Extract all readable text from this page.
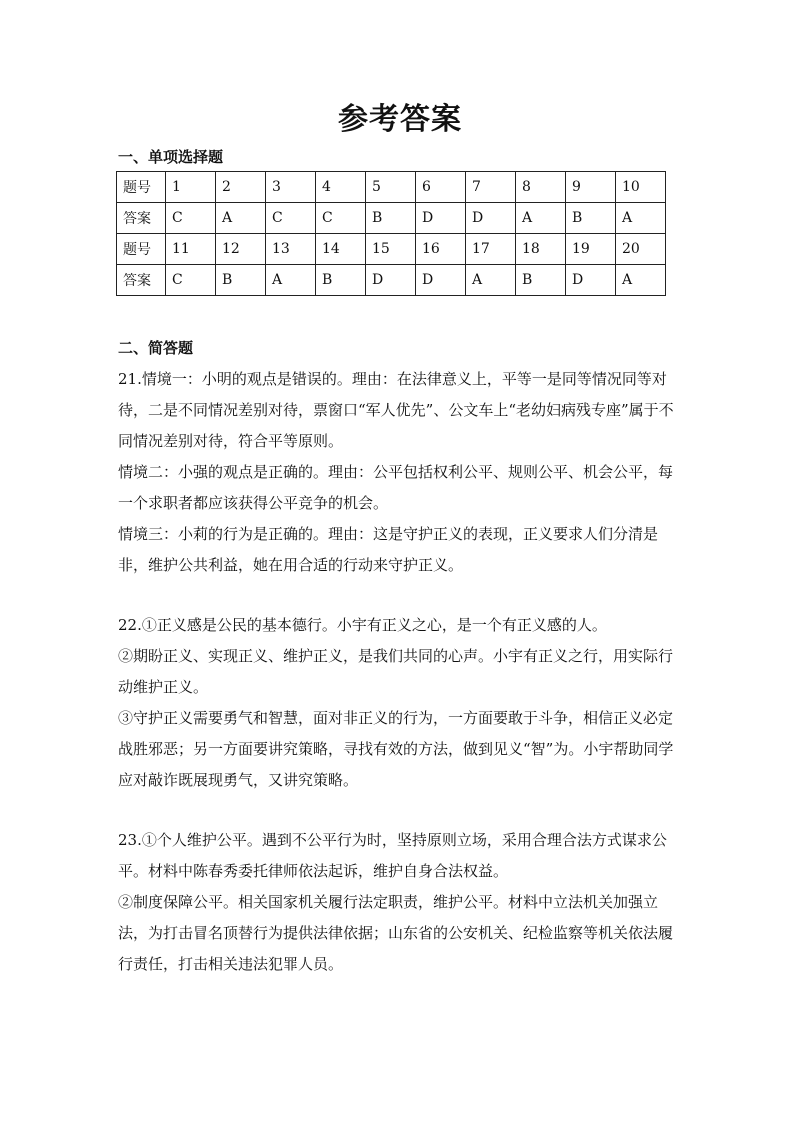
参考答案
一、单项选择题
题号	1	2	3	4	5	6	7	8	9	10
答案	C	A	C	C	B	D	D	A	B	A
题号	11	12	13	14	15	16	17	18	19	20
答案	C	B	A	B	D	D	A	B	D	A
二、简答题

21.情境一：小明的观点是错误的。理由：在法律意义上，平等一是同等情况同等对待，二是不同情况差别对待，票窗口“军人优先”、公文车上“老幼妇病残专座”属于不同情况差别对待，符合平等原则。

情境二：小强的观点是正确的。理由：公平包括权利公平、规则公平、机会公平，每一个求职者都应该获得公平竞争的机会。

情境三：小莉的行为是正确的。理由：这是守护正义的表现，正义要求人们分清是非，维护公共利益，她在用合适的行动来守护正义。

22.①正义感是公民的基本德行。小宇有正义之心，是一个有正义感的人。

②期盼正义、实现正义、维护正义，是我们共同的心声。小宇有正义之行，用实际行动维护正义。

③守护正义需要勇气和智慧，面对非正义的行为，一方面要敢于斗争，相信正义必定战胜邪恶；另一方面要讲究策略，寻找有效的方法，做到见义“智”为。小宇帮助同学应对敲诈既展现勇气，又讲究策略。

23.①个人维护公平。遇到不公平行为时，坚持原则立场，采用合理合法方式谋求公平。材料中陈春秀委托律师依法起诉，维护自身合法权益。

②制度保障公平。相关国家机关履行法定职责，维护公平。材料中立法机关加强立法，为打击冒名顶替行为提供法律依据；山东省的公安机关、纪检监察等机关依法履行责任，打击相关违法犯罪人员。
